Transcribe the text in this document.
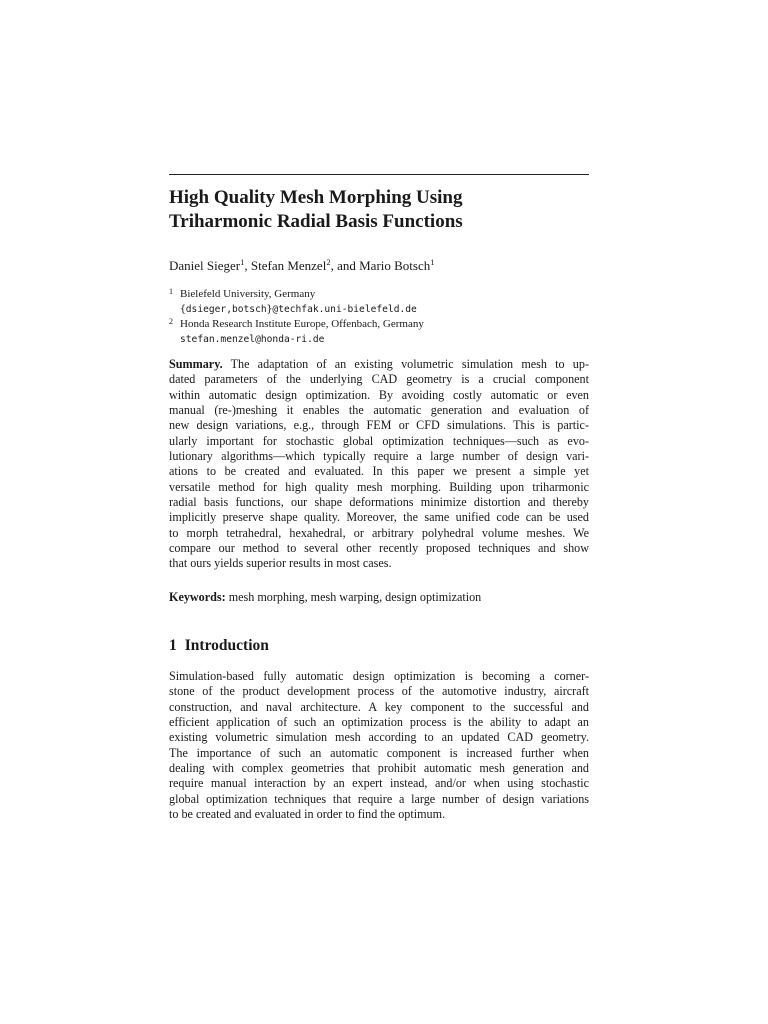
High Quality Mesh Morphing Using
Triharmonic Radial Basis Functions
Daniel Sieger$^1$, Stefan Menzel$^2$, and Mario Botsch$^1$
1 Bielefeld University, Germany
{dsieger,botsch}@techfak.uni-bielefeld.de
2 Honda Research Institute Europe, Offenbach, Germany
stefan.menzel@honda-ri.de
Summary. The adaptation of an existing volumetric simulation mesh to up-
dated parameters of the underlying CAD geometry is a crucial component
within automatic design optimization. By avoiding costly automatic or even
manual (re-)meshing it enables the automatic generation and evaluation of
new design variations, e.g., through FEM or CFD simulations. This is partic-
ularly important for stochastic global optimization techniques—such as evo-
lutionary algorithms—which typically require a large number of design vari-
ations to be created and evaluated. In this paper we present a simple yet
versatile method for high quality mesh morphing. Building upon triharmonic
radial basis functions, our shape deformations minimize distortion and thereby
implicitly preserve shape quality. Moreover, the same unified code can be used
to morph tetrahedral, hexahedral, or arbitrary polyhedral volume meshes. We
compare our method to several other recently proposed techniques and show
that ours yields superior results in most cases.
Keywords: mesh morphing, mesh warping, design optimization
1 Introduction
Simulation-based fully automatic design optimization is becoming a corner-
stone of the product development process of the automotive industry, aircraft
construction, and naval architecture. A key component to the successful and
efficient application of such an optimization process is the ability to adapt an
existing volumetric simulation mesh according to an updated CAD geometry.
The importance of such an automatic component is increased further when
dealing with complex geometries that prohibit automatic mesh generation and
require manual interaction by an expert instead, and/or when using stochastic
global optimization techniques that require a large number of design variations
to be created and evaluated in order to find the optimum.
